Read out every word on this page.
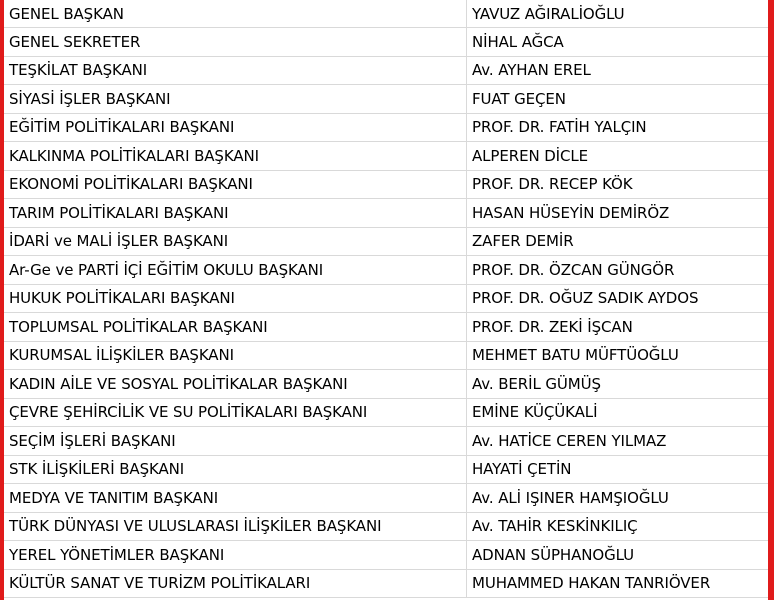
GENEL BAŞKAN	YAVUZ AĞIRALİOĞLU
GENEL SEKRETER	NİHAL AĞCA
TEŞKİLAT BAŞKANI	Av. AYHAN EREL
SİYASİ İŞLER BAŞKANI	FUAT GEÇEN
EĞİTİM POLİTİKALARI BAŞKANI	PROF. DR. FATİH YALÇIN
KALKINMA POLİTİKALARI BAŞKANI	ALPEREN DİCLE
EKONOMİ POLİTİKALARI BAŞKANI	PROF. DR. RECEP KÖK
TARIM POLİTİKALARI BAŞKANI	HASAN HÜSEYİN DEMİRÖZ
İDARİ ve MALİ İŞLER BAŞKANI	ZAFER DEMİR
Ar-Ge ve PARTİ İÇİ EĞİTİM OKULU BAŞKANI	PROF. DR. ÖZCAN GÜNGÖR
HUKUK POLİTİKALARI BAŞKANI	PROF. DR. OĞUZ SADIK AYDOS
TOPLUMSAL POLİTİKALAR BAŞKANI	PROF. DR. ZEKİ İŞCAN
KURUMSAL İLİŞKİLER BAŞKANI	MEHMET BATU MÜFTÜOĞLU
KADIN AİLE VE SOSYAL POLİTİKALAR BAŞKANI	Av. BERİL GÜMÜŞ
ÇEVRE ŞEHİRCİLİK VE SU POLİTİKALARI BAŞKANI	EMİNE KÜÇÜKALİ
SEÇİM İŞLERİ BAŞKANI	Av. HATİCE CEREN YILMAZ
STK İLİŞKİLERİ BAŞKANI	HAYATİ ÇETİN
MEDYA VE TANITIM BAŞKANI	Av. ALİ IŞINER HAMŞIOĞLU
TÜRK DÜNYASI VE ULUSLARASI İLİŞKİLER BAŞKANI	Av. TAHİR KESKİNKILIÇ
YEREL YÖNETİMLER BAŞKANI	ADNAN SÜPHANOĞLU
KÜLTÜR SANAT VE TURİZM POLİTİKALARI	MUHAMMED HAKAN TANRIÖVER
